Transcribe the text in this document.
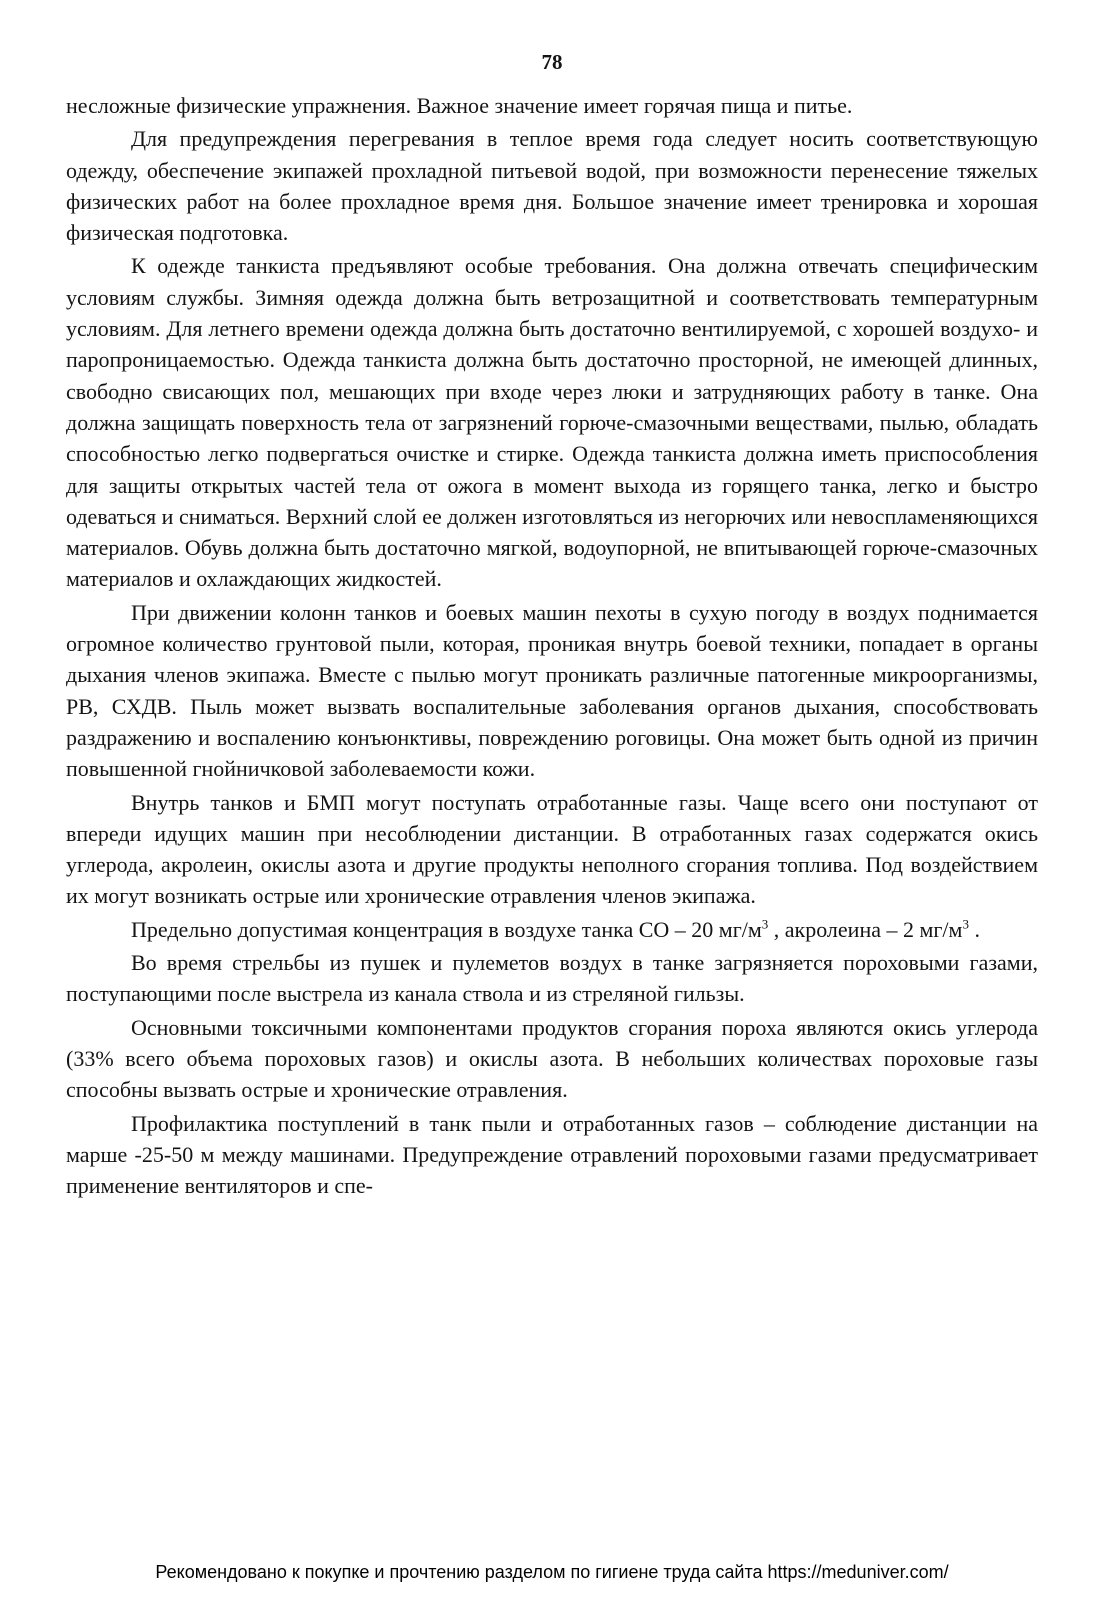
78

несложные физические упражнения. Важное значение имеет горячая пища и питье.

Для предупреждения перегревания в теплое время года следует носить соответствующую одежду, обеспечение экипажей прохладной питьевой водой, при возможности перенесение тяжелых физических работ на более прохладное время дня. Большое значение имеет тренировка и хорошая физическая подготовка.

К одежде танкиста предъявляют особые требования. Она должна отвечать специфическим условиям службы. Зимняя одежда должна быть ветрозащитной и соответствовать температурным условиям. Для летнего времени одежда должна быть достаточно вентилируемой, с хорошей воздухо- и паропроницаемостью. Одежда танкиста должна быть достаточно просторной, не имеющей длинных, свободно свисающих пол, мешающих при входе через люки и затрудняющих работу в танке. Она должна защищать поверхность тела от загрязнений горюче-смазочными веществами, пылью, обладать способностью легко подвергаться очистке и стирке. Одежда танкиста должна иметь приспособления для защиты открытых частей тела от ожога в момент выхода из горящего танка, легко и быстро одеваться и сниматься. Верхний слой ее должен изготовляться из негорючих или невоспламеняющихся материалов. Обувь должна быть достаточно мягкой, водоупорной, не впитывающей горюче-смазочных материалов и охлаждающих жидкостей.

При движении колонн танков и боевых машин пехоты в сухую погоду в воздух поднимается огромное количество грунтовой пыли, которая, проникая внутрь боевой техники, попадает в органы дыхания членов экипажа. Вместе с пылью могут проникать различные патогенные микроорганизмы, РВ, СХДВ. Пыль может вызвать воспалительные заболевания органов дыхания, способствовать раздражению и воспалению конъюнктивы, повреждению роговицы. Она может быть одной из причин повышенной гнойничковой заболеваемости кожи.

Внутрь танков и БМП могут поступать отработанные газы. Чаще всего они поступают от впереди идущих машин при несоблюдении дистанции. В отработанных газах содержатся окись углерода, акролеин, окислы азота и другие продукты неполного сгорания топлива. Под воздействием их могут возникать острые или хронические отравления членов экипажа.

Предельно допустимая концентрация в воздухе танка СО – 20 $мг/м^3$ , акролеина – 2 $мг/м^3$ .

Во время стрельбы из пушек и пулеметов воздух в танке загрязняется пороховыми газами, поступающими после выстрела из канала ствола и из стреляной гильзы.

Основными токсичными компонентами продуктов сгорания пороха являются окись углерода (33% всего объема пороховых газов) и окислы азота. В небольших количествах пороховые газы способны вызвать острые и хронические отравления.

Профилактика поступлений в танк пыли и отработанных газов – соблюдение дистанции на марше -25-50 м между машинами. Предупреждение отравлений пороховыми газами предусматривает применение вентиляторов и спе-

Рекомендовано к покупке и прочтению разделом по гигиене труда сайта https://meduniver.com/
